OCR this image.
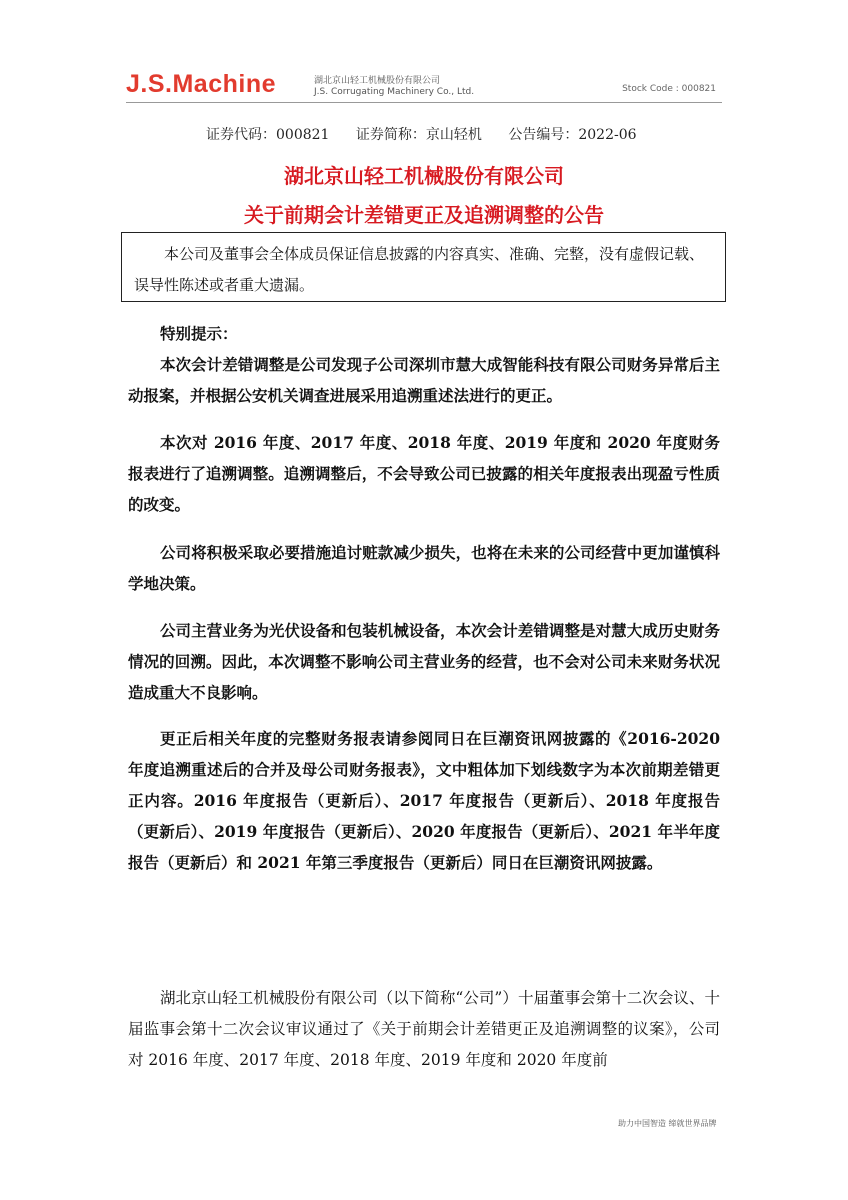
J.S.Machine	湖北京山轻工机械股份有限公司
J.S. Corrugating Machinery Co., Ltd.	Stock Code : 000821
证券代码：000821 证券简称：京山轻机 公告编号：2022-06
湖北京山轻工机械股份有限公司
关于前期会计差错更正及追溯调整的公告
本公司及董事会全体成员保证信息披露的内容真实、准确、完整，没有虚假记载、误导性陈述或者重大遗漏。
特别提示：
本次会计差错调整是公司发现子公司深圳市慧大成智能科技有限公司财务异常后主动报案，并根据公安机关调查进展采用追溯重述法进行的更正。
本次对 2016 年度、2017 年度、2018 年度、2019 年度和 2020 年度财务报表进行了追溯调整。追溯调整后，不会导致公司已披露的相关年度报表出现盈亏性质的改变。
公司将积极采取必要措施追讨赃款减少损失，也将在未来的公司经营中更加谨慎科学地决策。
公司主营业务为光伏设备和包装机械设备，本次会计差错调整是对慧大成历史财务情况的回溯。因此，本次调整不影响公司主营业务的经营，也不会对公司未来财务状况造成重大不良影响。
更正后相关年度的完整财务报表请参阅同日在巨潮资讯网披露的《2016-2020 年度追溯重述后的合并及母公司财务报表》，文中粗体加下划线数字为本次前期差错更正内容。2016 年度报告（更新后）、2017 年度报告（更新后）、2018 年度报告（更新后）、2019 年度报告（更新后）、2020 年度报告（更新后）、2021 年半年度报告（更新后）和 2021 年第三季度报告（更新后）同日在巨潮资讯网披露。
湖北京山轻工机械股份有限公司（以下简称“公司”）十届董事会第十二次会议、十届监事会第十二次会议审议通过了《关于前期会计差错更正及追溯调整的议案》，公司对 2016 年度、2017 年度、2018 年度、2019 年度和 2020 年度前
助力中国智造 缔就世界品牌
